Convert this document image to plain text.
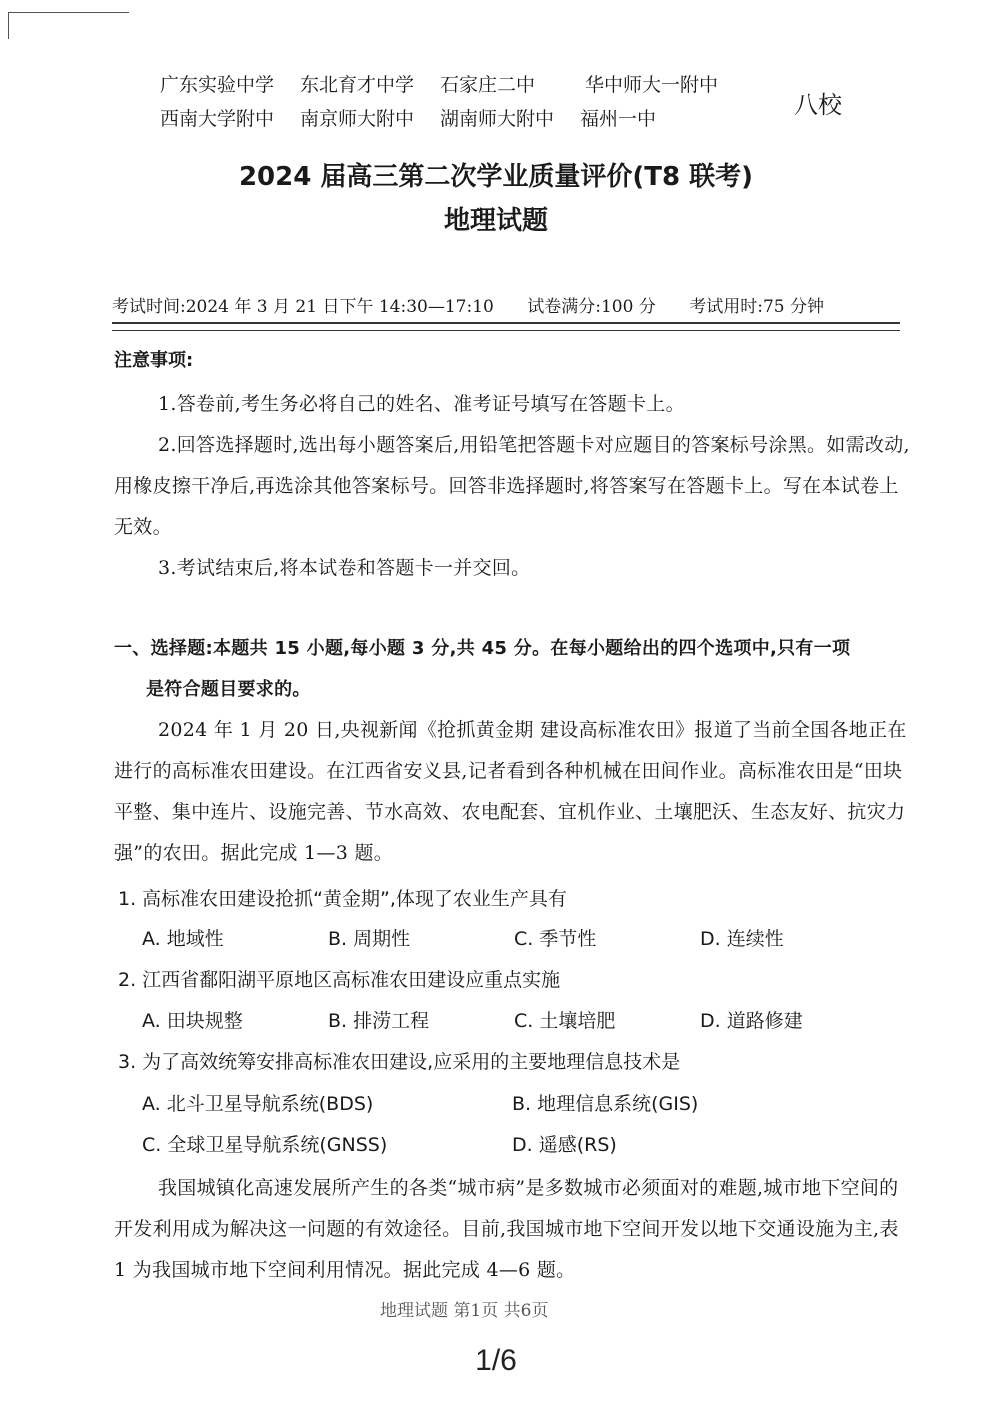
广东实验中学 东北育才中学 石家庄二中	华中师大一附中
西南大学附中 南京师大附中 湖南师大附中 福州一中	八校
2024 届高三第二次学业质量评价(T8 联考)
地理试题
考试时间:2024 年 3 月 21 日下午 14:30—17:10 试卷满分:100 分 考试用时:75 分钟
注意事项:
1.答卷前,考生务必将自己的姓名、准考证号填写在答题卡上。
2.回答选择题时,选出每小题答案后,用铅笔把答题卡对应题目的答案标号涂黑。如需改动,用橡皮擦干净后,再选涂其他答案标号。回答非选择题时,将答案写在答题卡上。写在本试卷上无效。
3.考试结束后,将本试卷和答题卡一并交回。
一、选择题:本题共 15 小题,每小题 3 分,共 45 分。在每小题给出的四个选项中,只有一项
是符合题目要求的。
2024 年 1 月 20 日,央视新闻《抢抓黄金期 建设高标准农田》报道了当前全国各地正在进行的高标准农田建设。在江西省安义县,记者看到各种机械在田间作业。高标准农田是“田块平整、集中连片、设施完善、节水高效、农电配套、宜机作业、土壤肥沃、生态友好、抗灾力强”的农田。据此完成 1—3 题。
1. 高标准农田建设抢抓“黄金期”,体现了农业生产具有
A. 地域性	B. 周期性	C. 季节性	D. 连续性
2. 江西省鄱阳湖平原地区高标准农田建设应重点实施
A. 田块规整	B. 排涝工程	C. 土壤培肥	D. 道路修建
3. 为了高效统筹安排高标准农田建设,应采用的主要地理信息技术是
A. 北斗卫星导航系统(BDS)	B. 地理信息系统(GIS)
C. 全球卫星导航系统(GNSS)	D. 遥感(RS)
我国城镇化高速发展所产生的各类“城市病”是多数城市必须面对的难题,城市地下空间的开发利用成为解决这一问题的有效途径。目前,我国城市地下空间开发以地下交通设施为主,表 1 为我国城市地下空间利用情况。据此完成 4—6 题。
地理试题 第1页 共6页
1/6
